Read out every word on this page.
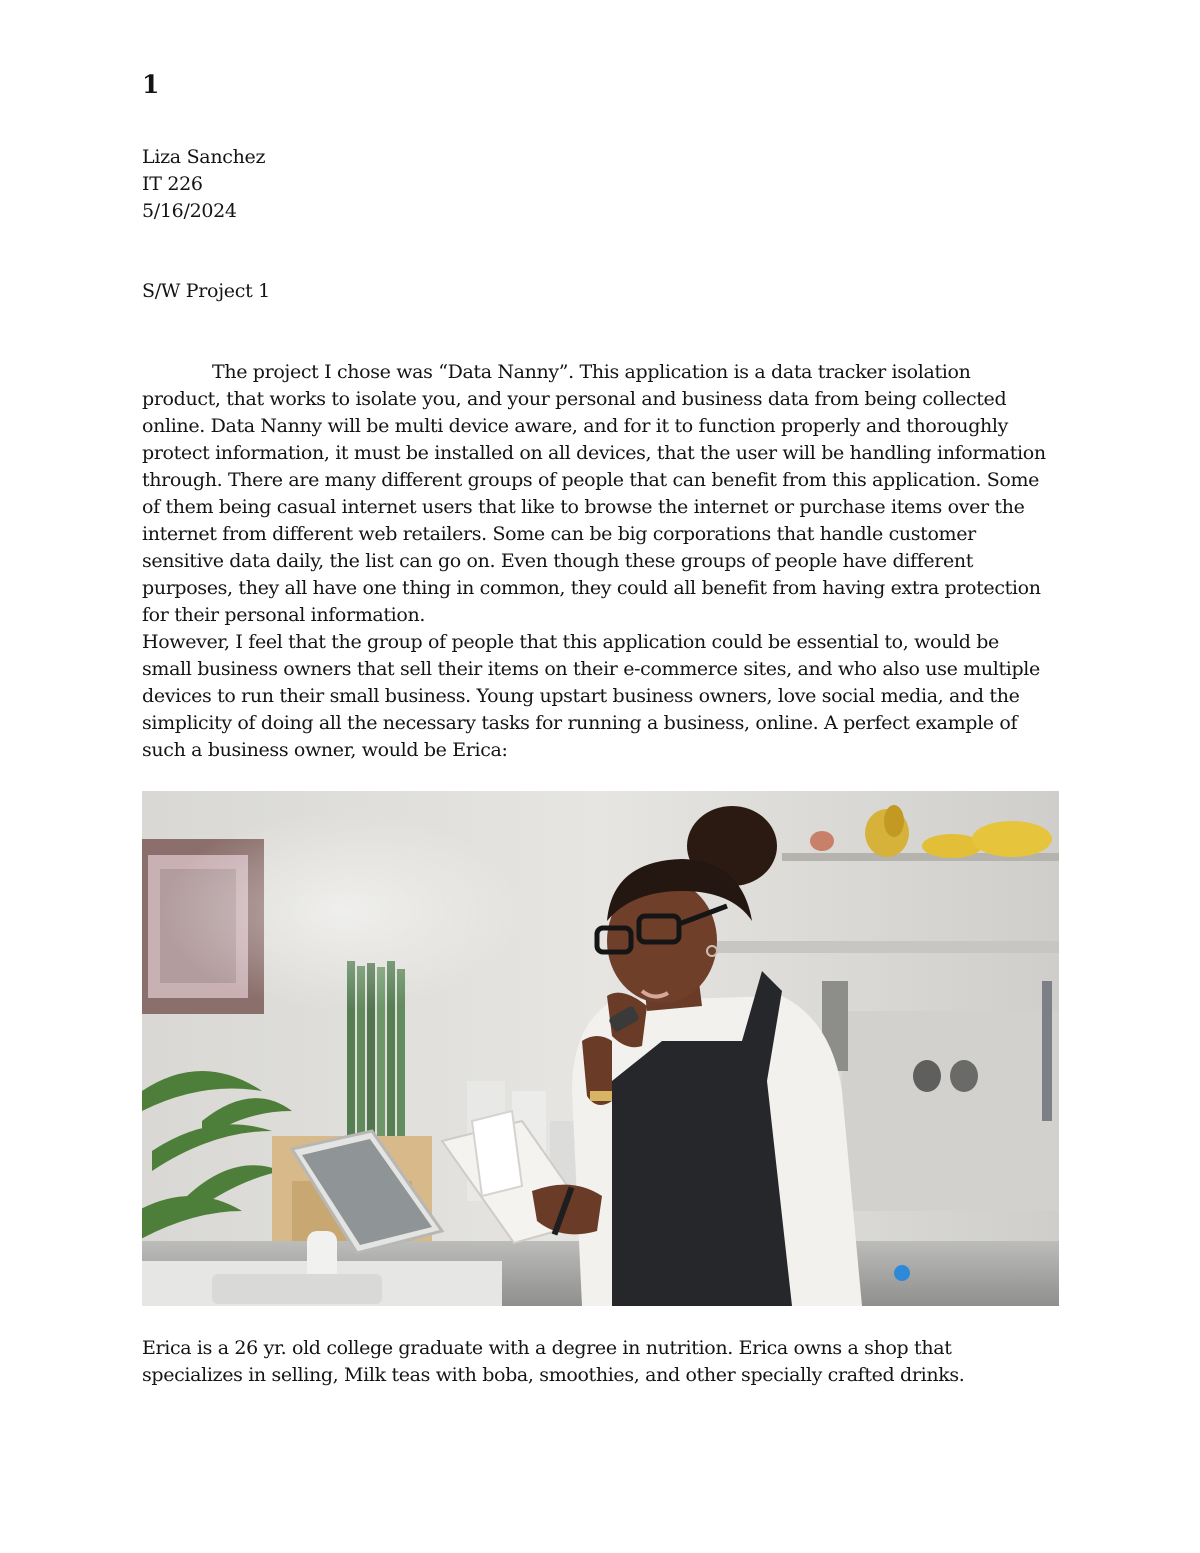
1
Liza Sanchez
IT 226
5/16/2024
S/W Project 1
The project I chose was “Data Nanny”. This application is a data tracker isolation
product, that works to isolate you, and your personal and business data from being collected
online. Data Nanny will be multi device aware, and for it to function properly and thoroughly
protect information, it must be installed on all devices, that the user will be handling information
through. There are many different groups of people that can benefit from this application. Some
of them being casual internet users that like to browse the internet or purchase items over the
internet from different web retailers. Some can be big corporations that handle customer
sensitive data daily, the list can go on. Even though these groups of people have different
purposes, they all have one thing in common, they could all benefit from having extra protection
for their personal information.
However, I feel that the group of people that this application could be essential to, would be
small business owners that sell their items on their e-commerce sites, and who also use multiple
devices to run their small business. Young upstart business owners, love social media, and the
simplicity of doing all the necessary tasks for running a business, online. A perfect example of
such a business owner, would be Erica:
Erica is a 26 yr. old college graduate with a degree in nutrition. Erica owns a shop that
specializes in selling, Milk teas with boba, smoothies, and other specially crafted drinks.
